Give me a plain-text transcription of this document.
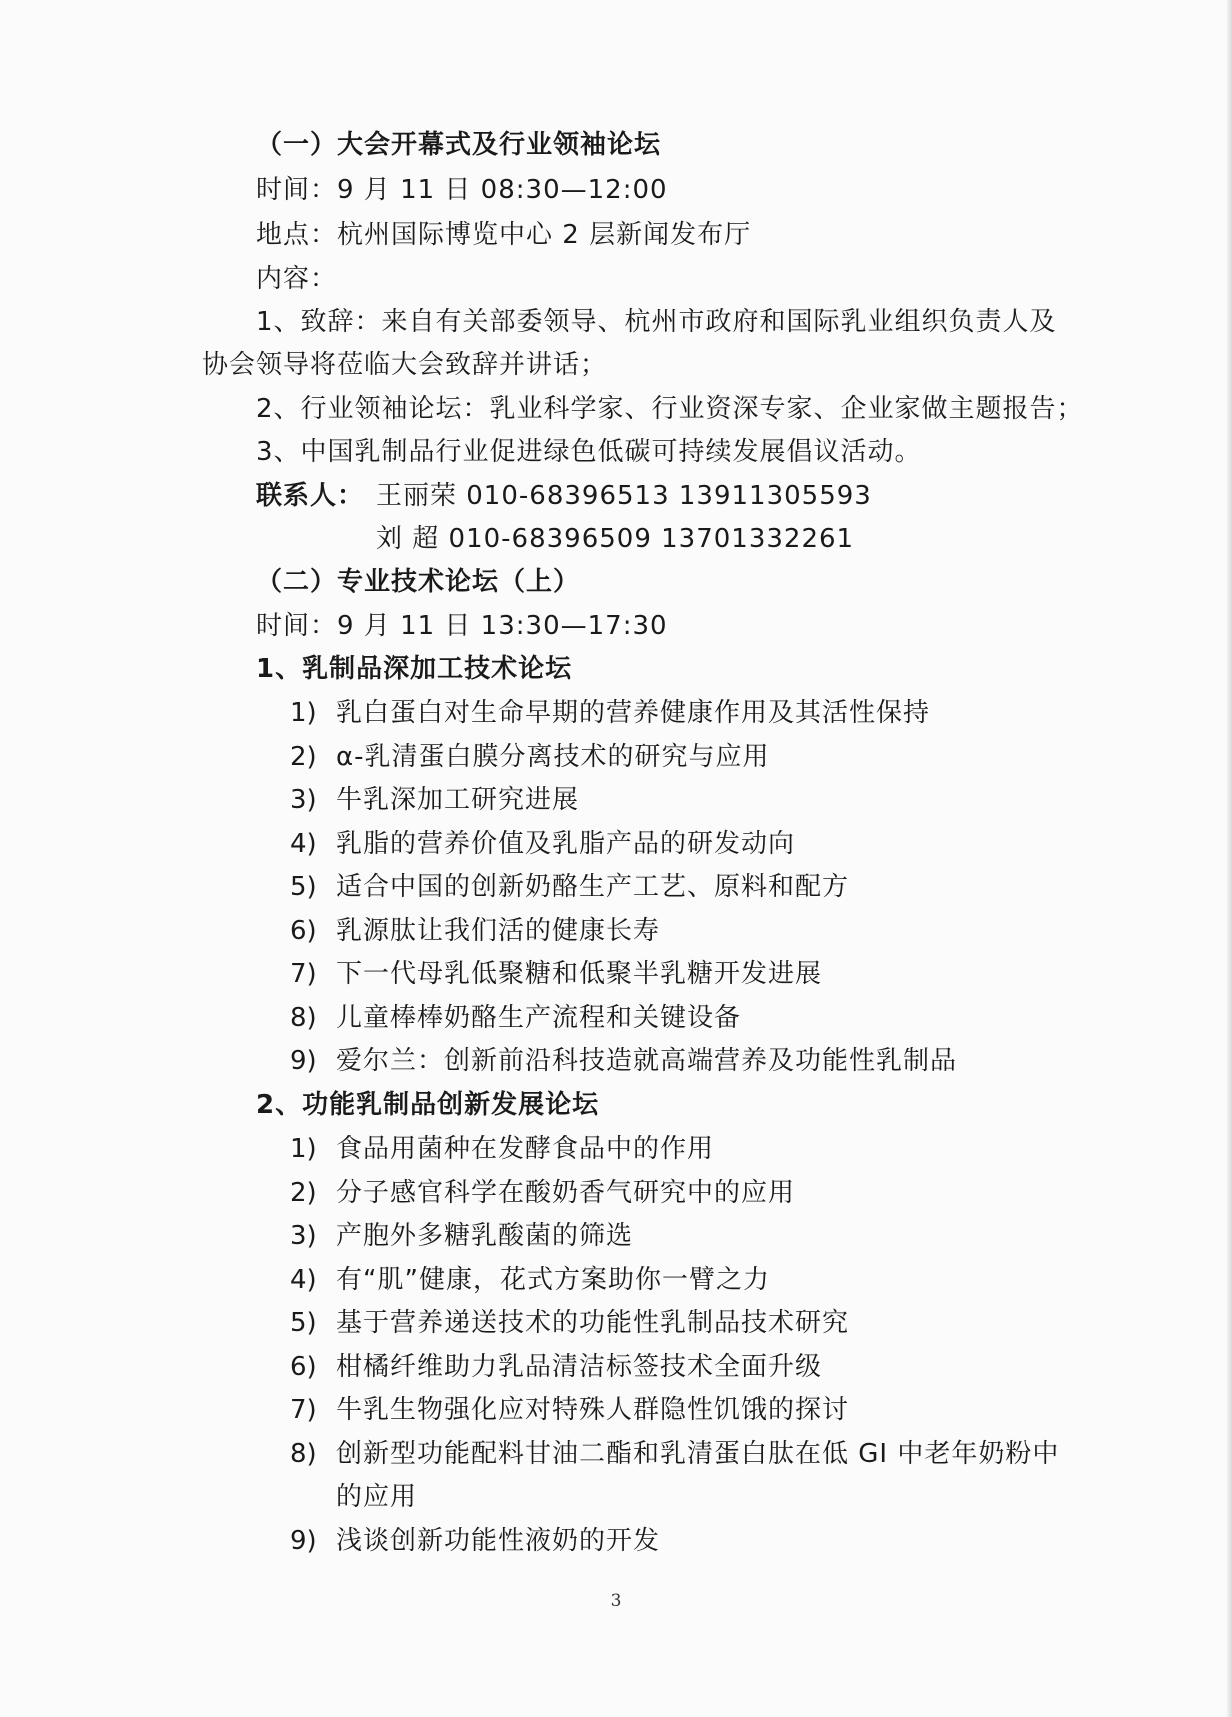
（一）大会开幕式及行业领袖论坛
时间：9 月 11 日 08:30—12:00
地点：杭州国际博览中心 2 层新闻发布厅
内容：
1、致辞：来自有关部委领导、杭州市政府和国际乳业组织负责人及
协会领导将莅临大会致辞并讲话；
2、行业领袖论坛：乳业科学家、行业资深专家、企业家做主题报告；
3、中国乳制品行业促进绿色低碳可持续发展倡议活动。
联系人： 王丽荣 010-68396513 13911305593
刘 超 010-68396509 13701332261
（二）专业技术论坛（上）
时间：9 月 11 日 13:30—17:30
1、乳制品深加工技术论坛
1) 乳白蛋白对生命早期的营养健康作用及其活性保持
2) α-乳清蛋白膜分离技术的研究与应用
3) 牛乳深加工研究进展
4) 乳脂的营养价值及乳脂产品的研发动向
5) 适合中国的创新奶酪生产工艺、原料和配方
6) 乳源肽让我们活的健康长寿
7) 下一代母乳低聚糖和低聚半乳糖开发进展
8) 儿童棒棒奶酪生产流程和关键设备
9) 爱尔兰：创新前沿科技造就高端营养及功能性乳制品
2、功能乳制品创新发展论坛
1) 食品用菌种在发酵食品中的作用
2) 分子感官科学在酸奶香气研究中的应用
3) 产胞外多糖乳酸菌的筛选
4) 有“肌”健康，花式方案助你一臂之力
5) 基于营养递送技术的功能性乳制品技术研究
6) 柑橘纤维助力乳品清洁标签技术全面升级
7) 牛乳生物强化应对特殊人群隐性饥饿的探讨
8) 创新型功能配料甘油二酯和乳清蛋白肽在低 GI 中老年奶粉中
的应用
9) 浅谈创新功能性液奶的开发
3
